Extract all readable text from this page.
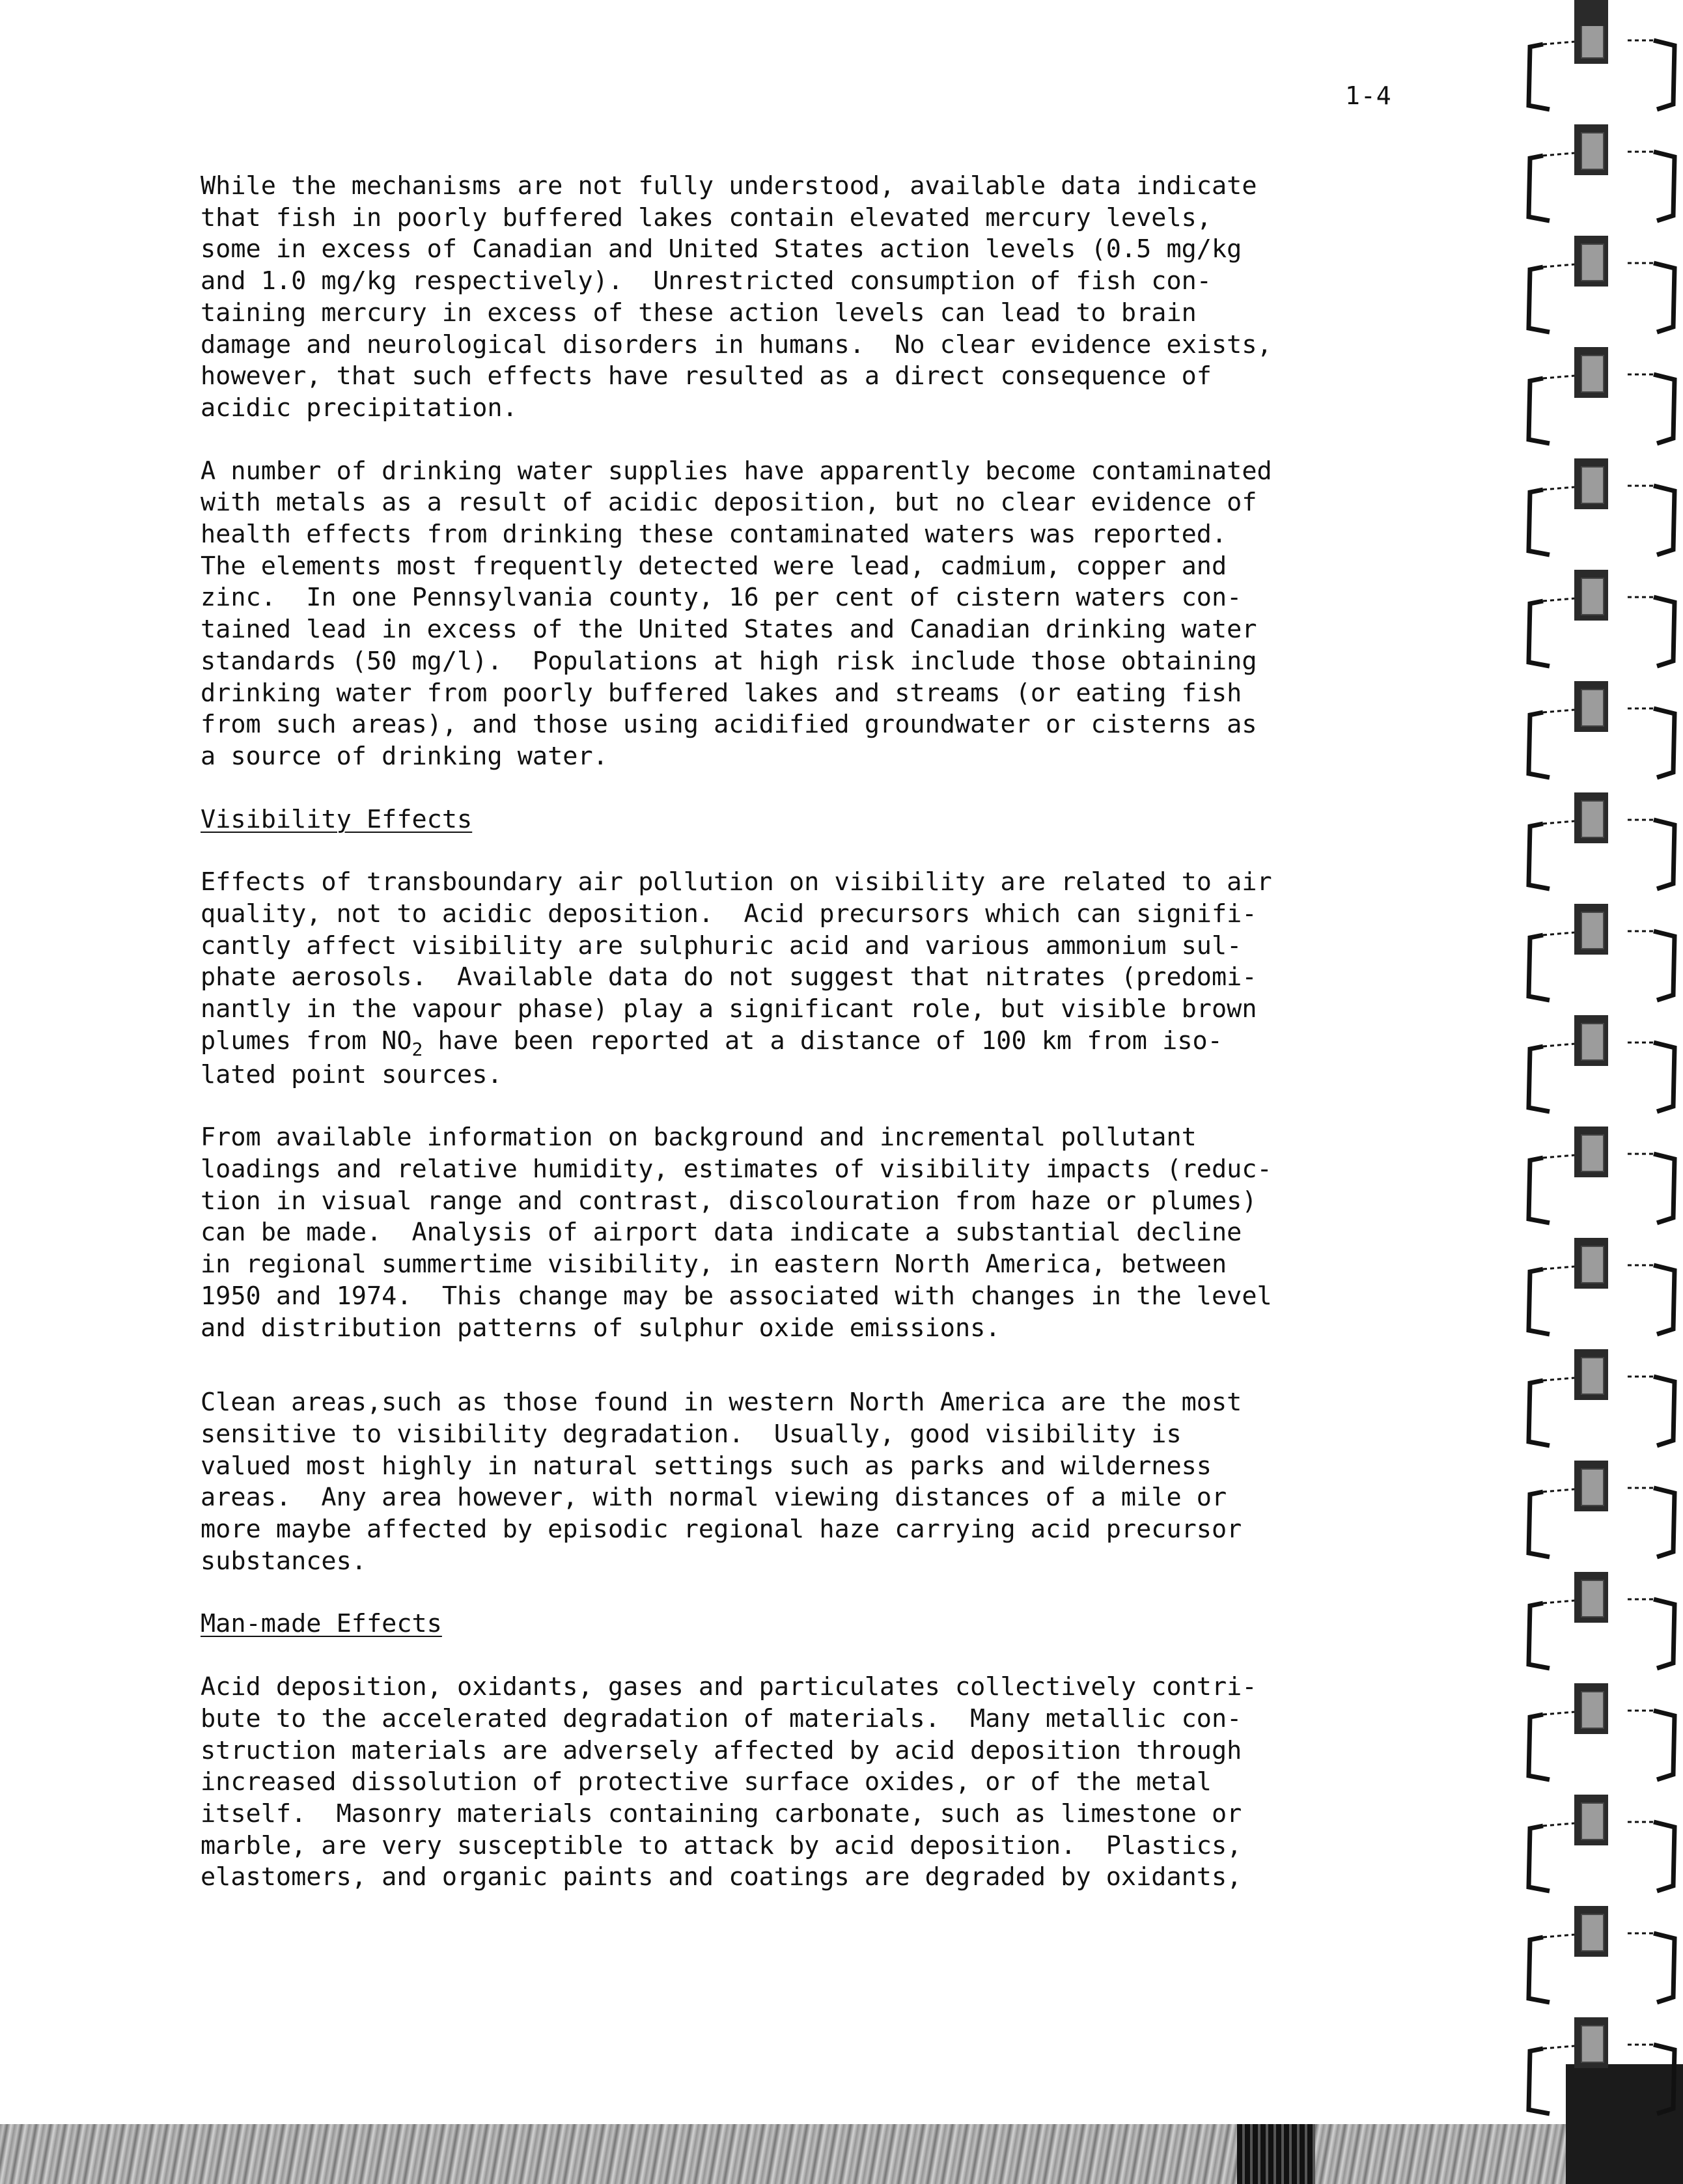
1-4

While the mechanisms are not fully understood, available data indicate
that fish in poorly buffered lakes contain elevated mercury levels,
some in excess of Canadian and United States action levels (0.5 mg/kg
and 1.0 mg/kg respectively).  Unrestricted consumption of fish con-
taining mercury in excess of these action levels can lead to brain
damage and neurological disorders in humans.  No clear evidence exists,
however, that such effects have resulted as a direct consequence of
acidic precipitation.

A number of drinking water supplies have apparently become contaminated
with metals as a result of acidic deposition, but no clear evidence of
health effects from drinking these contaminated waters was reported.
The elements most frequently detected were lead, cadmium, copper and
zinc.  In one Pennsylvania county, 16 per cent of cistern waters con-
tained lead in excess of the United States and Canadian drinking water
standards (50 mg/l).  Populations at high risk include those obtaining
drinking water from poorly buffered lakes and streams (or eating fish
from such areas), and those using acidified groundwater or cisterns as
a source of drinking water.

Visibility Effects

Effects of transboundary air pollution on visibility are related to air
quality, not to acidic deposition.  Acid precursors which can signifi-
cantly affect visibility are sulphuric acid and various ammonium sul-
phate aerosols.  Available data do not suggest that nitrates (predomi-
nantly in the vapour phase) play a significant role, but visible brown
plumes from $NO_2$ have been reported at a distance of 100 km from iso-
lated point sources.

From available information on background and incremental pollutant
loadings and relative humidity, estimates of visibility impacts (reduc-
tion in visual range and contrast, discolouration from haze or plumes)
can be made.  Analysis of airport data indicate a substantial decline
in regional summertime visibility, in eastern North America, between
1950 and 1974.  This change may be associated with changes in the level
and distribution patterns of sulphur oxide emissions.

Clean areas,such as those found in western North America are the most
sensitive to visibility degradation.  Usually, good visibility is
valued most highly in natural settings such as parks and wilderness
areas.  Any area however, with normal viewing distances of a mile or
more maybe affected by episodic regional haze carrying acid precursor
substances.

Man-made Effects

Acid deposition, oxidants, gases and particulates collectively contri-
bute to the accelerated degradation of materials.  Many metallic con-
struction materials are adversely affected by acid deposition through
increased dissolution of protective surface oxides, or of the metal
itself.  Masonry materials containing carbonate, such as limestone or
marble, are very susceptible to attack by acid deposition.  Plastics,
elastomers, and organic paints and coatings are degraded by oxidants,
